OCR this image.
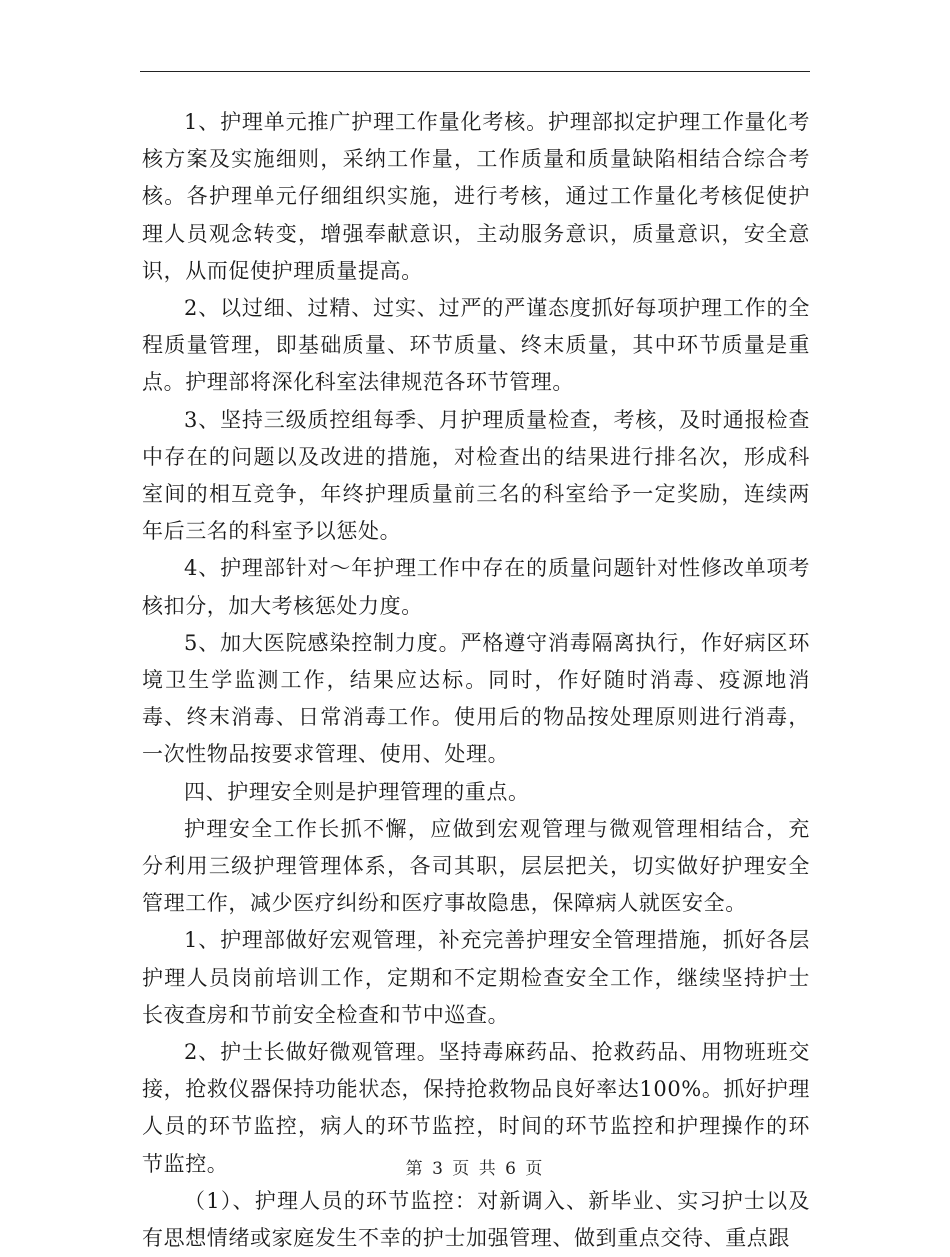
1、护理单元推广护理工作量化考核。护理部拟定护理工作量化考核方案及实施细则，采纳工作量，工作质量和质量缺陷相结合综合考核。各护理单元仔细组织实施，进行考核，通过工作量化考核促使护理人员观念转变，增强奉献意识，主动服务意识，质量意识，安全意识，从而促使护理质量提高。

2、以过细、过精、过实、过严的严谨态度抓好每项护理工作的全程质量管理，即基础质量、环节质量、终末质量，其中环节质量是重点。护理部将深化科室法律规范各环节管理。

3、坚持三级质控组每季、月护理质量检查，考核，及时通报检查中存在的问题以及改进的措施，对检查出的结果进行排名次，形成科室间的相互竞争，年终护理质量前三名的科室给予一定奖励，连续两年后三名的科室予以惩处。

4、护理部针对～年护理工作中存在的质量问题针对性修改单项考核扣分，加大考核惩处力度。

5、加大医院感染控制力度。严格遵守消毒隔离执行，作好病区环境卫生学监测工作，结果应达标。同时，作好随时消毒、疫源地消毒、终末消毒、日常消毒工作。使用后的物品按处理原则进行消毒，一次性物品按要求管理、使用、处理。

四、护理安全则是护理管理的重点。

护理安全工作长抓不懈，应做到宏观管理与微观管理相结合，充分利用三级护理管理体系，各司其职，层层把关，切实做好护理安全管理工作，减少医疗纠纷和医疗事故隐患，保障病人就医安全。

1、护理部做好宏观管理，补充完善护理安全管理措施，抓好各层护理人员岗前培训工作，定期和不定期检查安全工作，继续坚持护士长夜查房和节前安全检查和节中巡查。

2、护士长做好微观管理。坚持毒麻药品、抢救药品、用物班班交接，抢救仪器保持功能状态，保持抢救物品良好率达100%。抓好护理人员的环节监控，病人的环节监控，时间的环节监控和护理操作的环节监控。

（1）、护理人员的环节监控：对新调入、新毕业、实习护士以及有思想情绪或家庭发生不幸的护士加强管理、做到重点交待、重点跟

第 3 页 共 6 页
